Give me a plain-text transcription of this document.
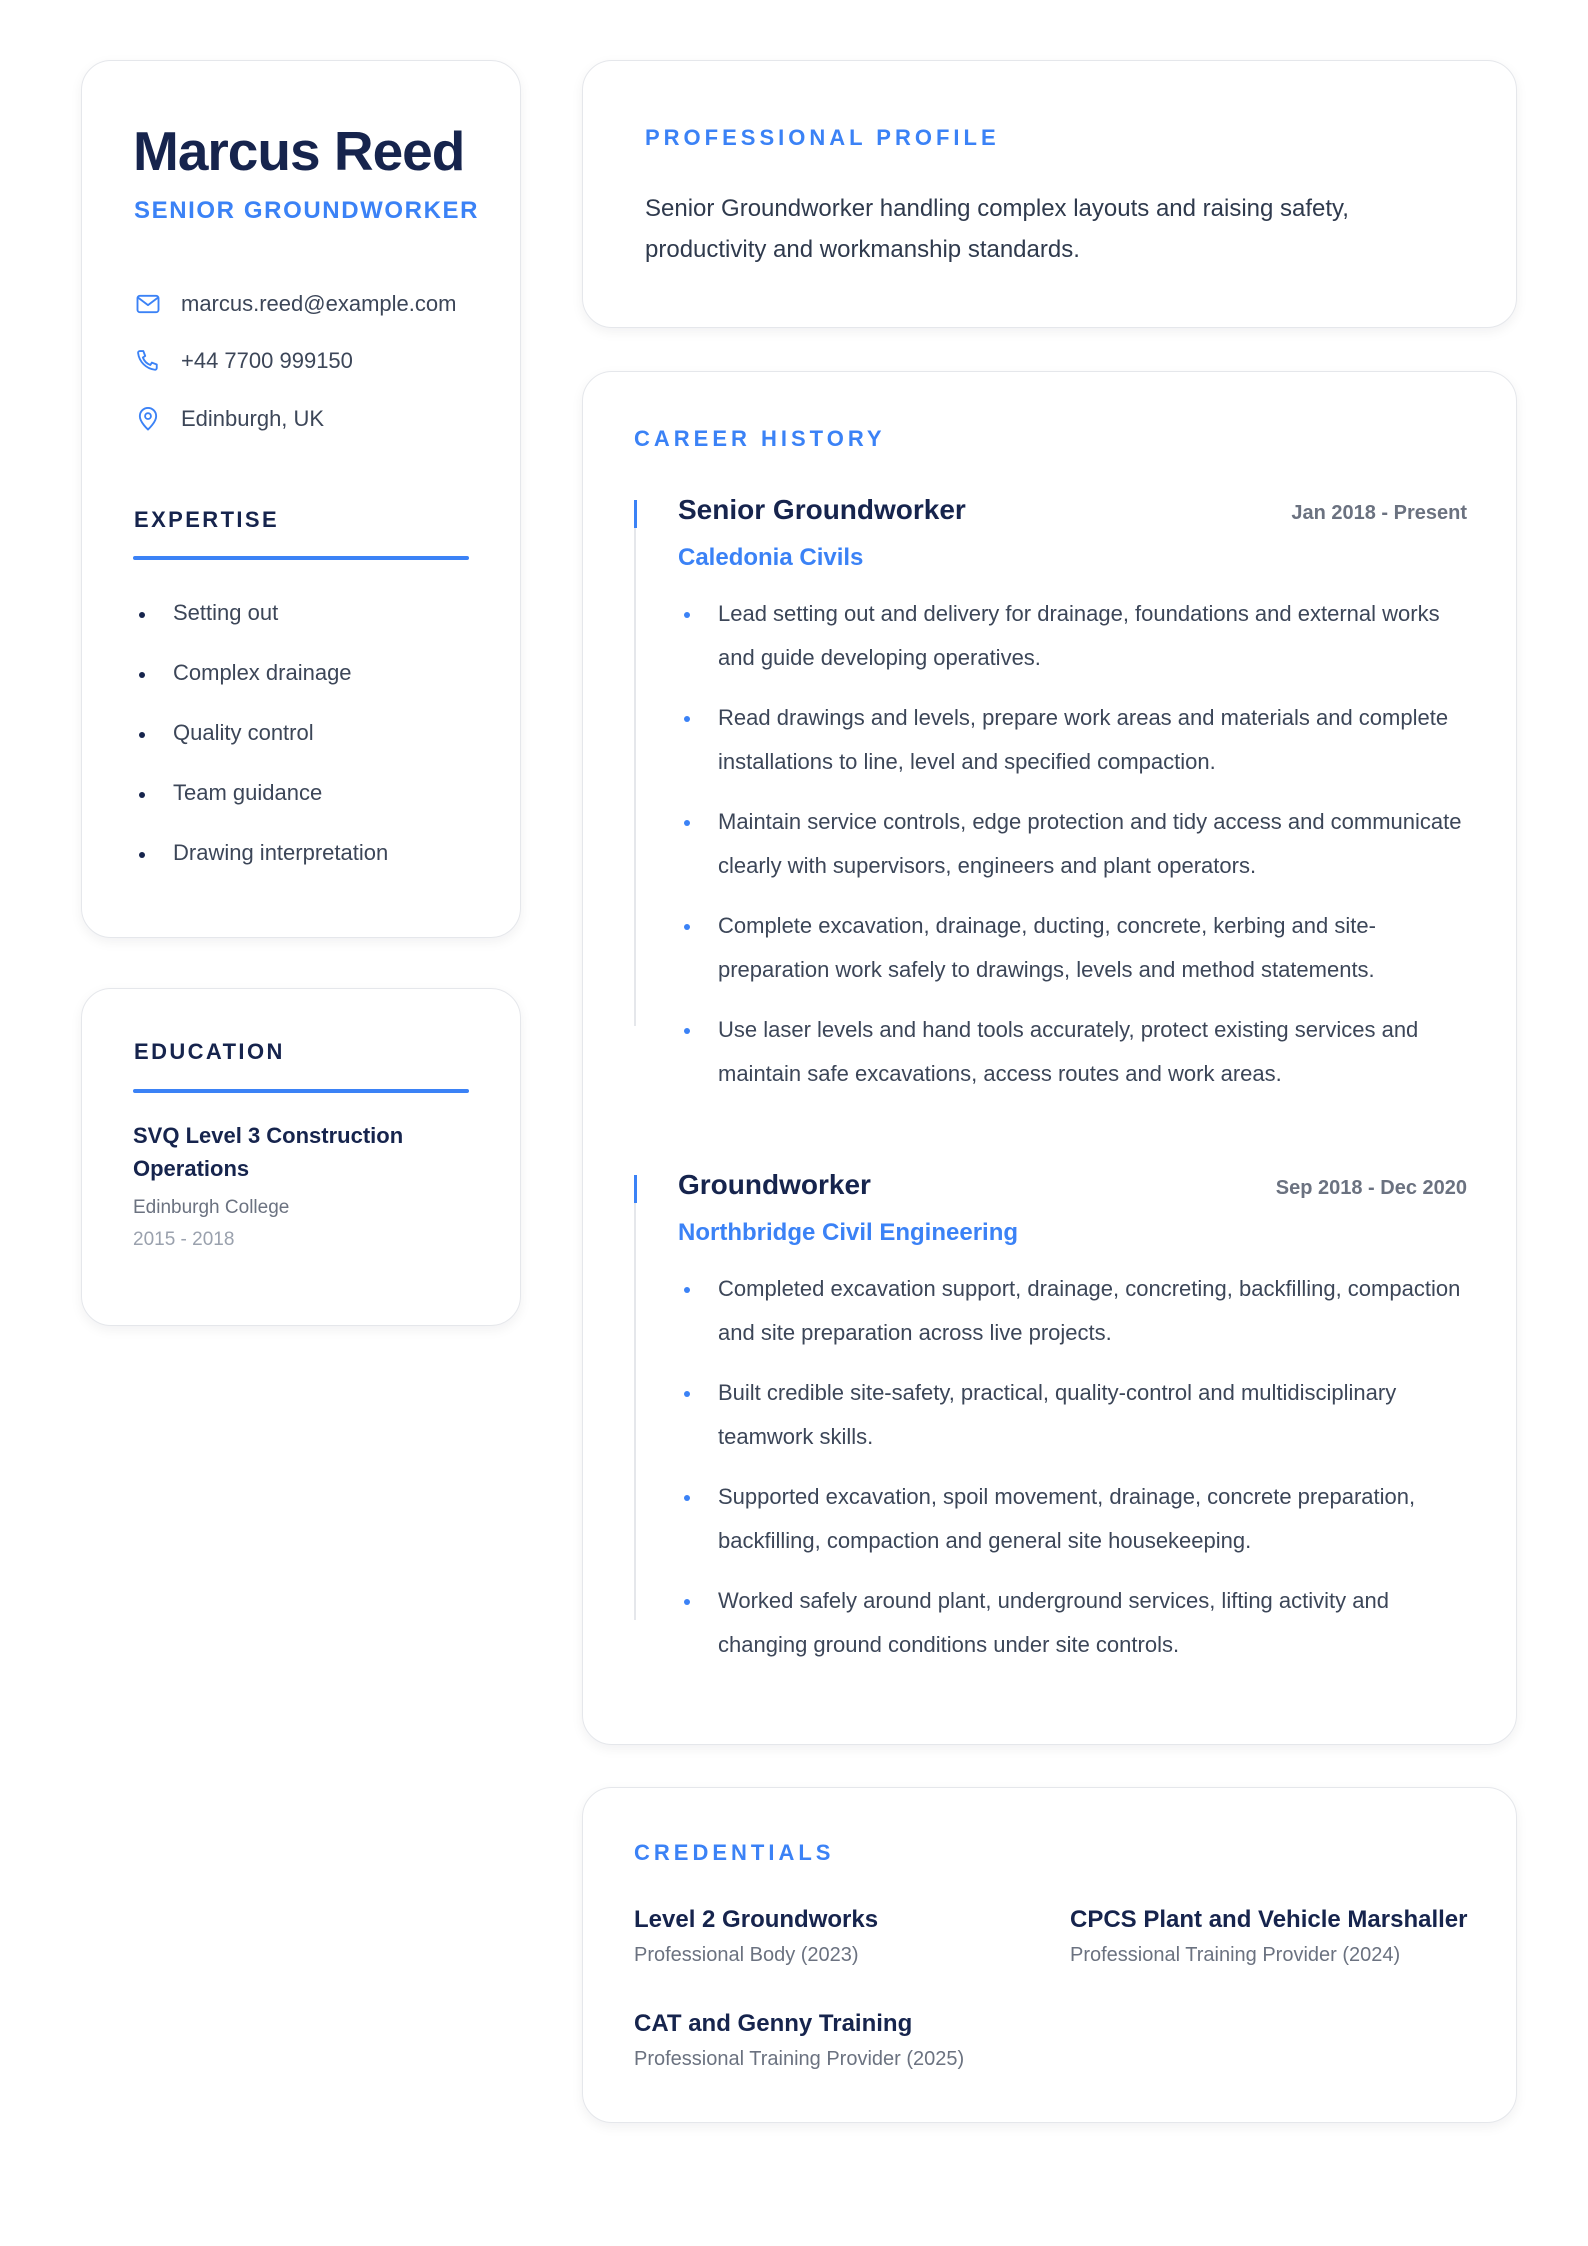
Marcus Reed
SENIOR GROUNDWORKER
marcus.reed@example.com
+44 7700 999150
Edinburgh, UK
EXPERTISE
Setting out
Complex drainage
Quality control
Team guidance
Drawing interpretation
EDUCATION
SVQ Level 3 Construction Operations
Edinburgh College
2015 - 2018
PROFESSIONAL PROFILE
Senior Groundworker handling complex layouts and raising safety, productivity and workmanship standards.
CAREER HISTORY
Senior Groundworker	Jan 2018 - Present
Caledonia Civils
Lead setting out and delivery for drainage, foundations and external works and guide developing operatives.
Read drawings and levels, prepare work areas and materials and complete installations to line, level and specified compaction.
Maintain service controls, edge protection and tidy access and communicate clearly with supervisors, engineers and plant operators.
Complete excavation, drainage, ducting, concrete, kerbing and site-preparation work safely to drawings, levels and method statements.
Use laser levels and hand tools accurately, protect existing services and maintain safe excavations, access routes and work areas.
Groundworker	Sep 2018 - Dec 2020
Northbridge Civil Engineering
Completed excavation support, drainage, concreting, backfilling, compaction and site preparation across live projects.
Built credible site-safety, practical, quality-control and multidisciplinary teamwork skills.
Supported excavation, spoil movement, drainage, concrete preparation, backfilling, compaction and general site housekeeping.
Worked safely around plant, underground services, lifting activity and changing ground conditions under site controls.
CREDENTIALS
Level 2 Groundworks
Professional Body (2023)
CPCS Plant and Vehicle Marshaller
Professional Training Provider (2024)
CAT and Genny Training
Professional Training Provider (2025)
